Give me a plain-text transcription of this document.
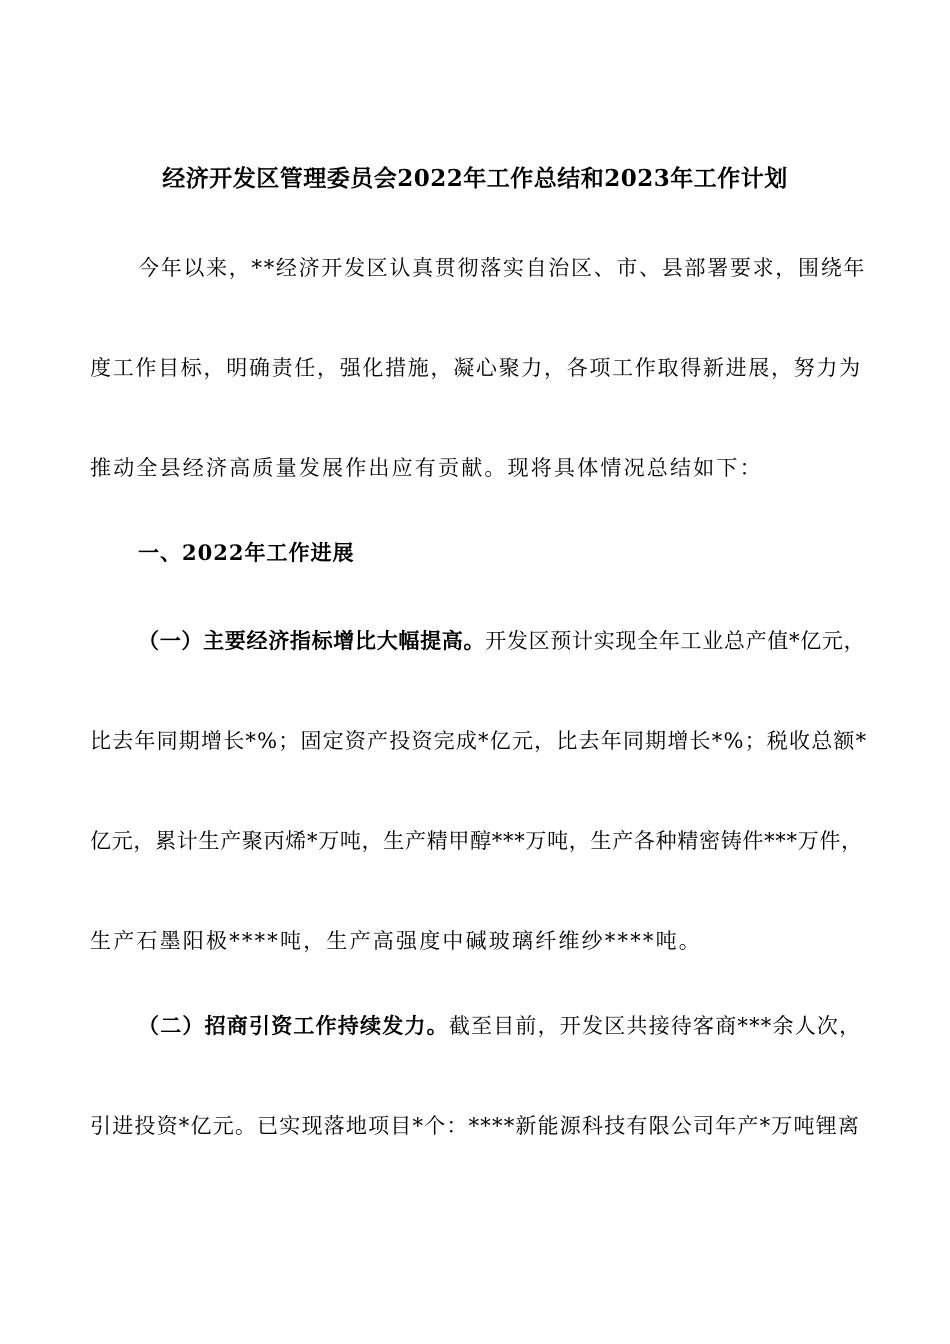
经济开发区管理委员会2022年工作总结和2023年工作计划
今年以来，**经济开发区认真贯彻落实自治区、市、县部署要求，围绕年
度工作目标，明确责任，强化措施，凝心聚力，各项工作取得新进展，努力为
推动全县经济高质量发展作出应有贡献。现将具体情况总结如下：
一、2022年工作进展
（一）主要经济指标增比大幅提高。开发区预计实现全年工业总产值*亿元，
比去年同期增长*%；固定资产投资完成*亿元，比去年同期增长*%；税收总额*
亿元，累计生产聚丙烯*万吨，生产精甲醇***万吨，生产各种精密铸件***万件，
生产石墨阳极****吨，生产高强度中碱玻璃纤维纱****吨。
（二）招商引资工作持续发力。截至目前，开发区共接待客商***余人次，
引进投资*亿元。已实现落地项目*个：****新能源科技有限公司年产*万吨锂离
